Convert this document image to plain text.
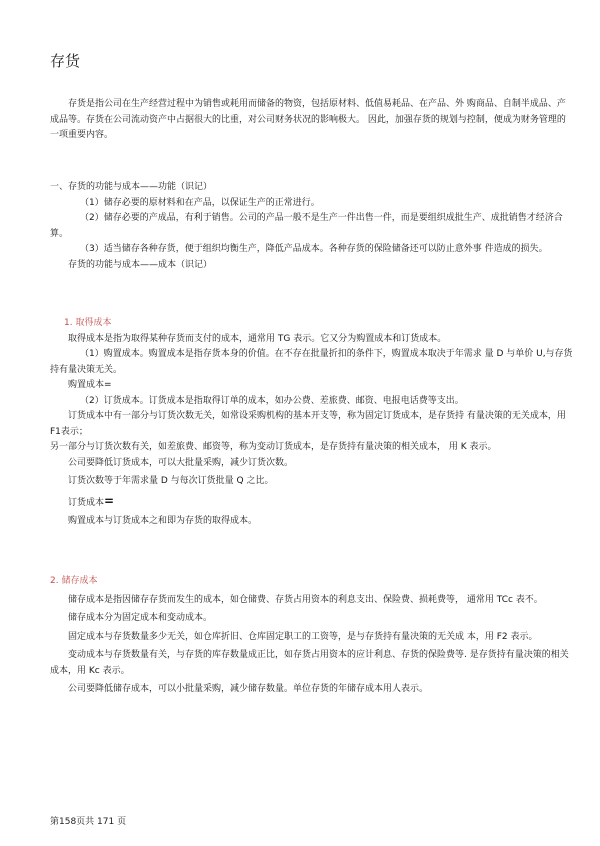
存货

存货是指公司在生产经营过程中为销售或耗用而储备的物资，包括原材料、低值易耗品、在产品、外 购商品、自制半成品、产成品等。存货在公司流动资产中占据很大的比重，对公司财务状况的影响极大。 因此，加强存货的规划与控制，便成为财务管理的一项重要内容。

一、存货的功能与成本——功能（识记）

（1）储存必要的原材料和在产品，以保证生产的正常进行。

（2）储存必要的产成品，有利于销售。公司的产品一般不是生产一件出售一件，而是要组织成批生产、成批销售才经济合算。

（3）适当储存各种存货，便于组织均衡生产，降低产品成本。各种存货的保险储备还可以防止意外事 件造成的损失。

存货的功能与成本——成本（识记）

1. 取得成本

取得成本是指为取得某种存货而支付的成本，通常用 TG 表示。它又分为购置成本和订货成本。

（1）购置成本。购置成本是指存货本身的价值。在不存在批量折扣的条件下，购置成本取决于年需求 量 D 与单价 U,与存货持有量决策无关。

购置成本=

（2）订货成本。订货成本是指取得订单的成本，如办公费、差旅费、邮资、电报电话费等支出。

订货成本中有一部分与订货次数无关，如常设采购机构的基本开支等，称为固定订货成本，是存货持 有量决策的无关成本，用 F1表示；

另一部分与订货次数有关，如差旅费、邮资等，称为变动订货成本，是存货持有量决策的相关成本， 用 K 表示。

公司要降低订货成本，可以大批量采购，减少订货次数。

订货次数等于年需求量 D 与每次订货批量 Q 之比。

订货成本=

购置成本与订货成本之和即为存货的取得成本。

2. 储存成本

储存成本是指因储存存货而发生的成本，如仓储费、存货占用资本的利息支出、保险费、损耗费等， 通常用 TCc 表不。

储存成本分为固定成本和变动成本。

固定成本与存货数量多少无关，如仓库折旧、仓库固定职工的工资等，是与存货持有量决策的无关成 本，用 F2 表示。

变动成本与存货数量有关，与存货的库存数量成正比，如存货占用资本的应计利息、存货的保险费等. 是存货持有量决策的相关成本，用 Kc 表示。

公司要降低储存成本，可以小批量采购，减少储存数量。单位存货的年储存成本用人表示。

第158页共 171 页
